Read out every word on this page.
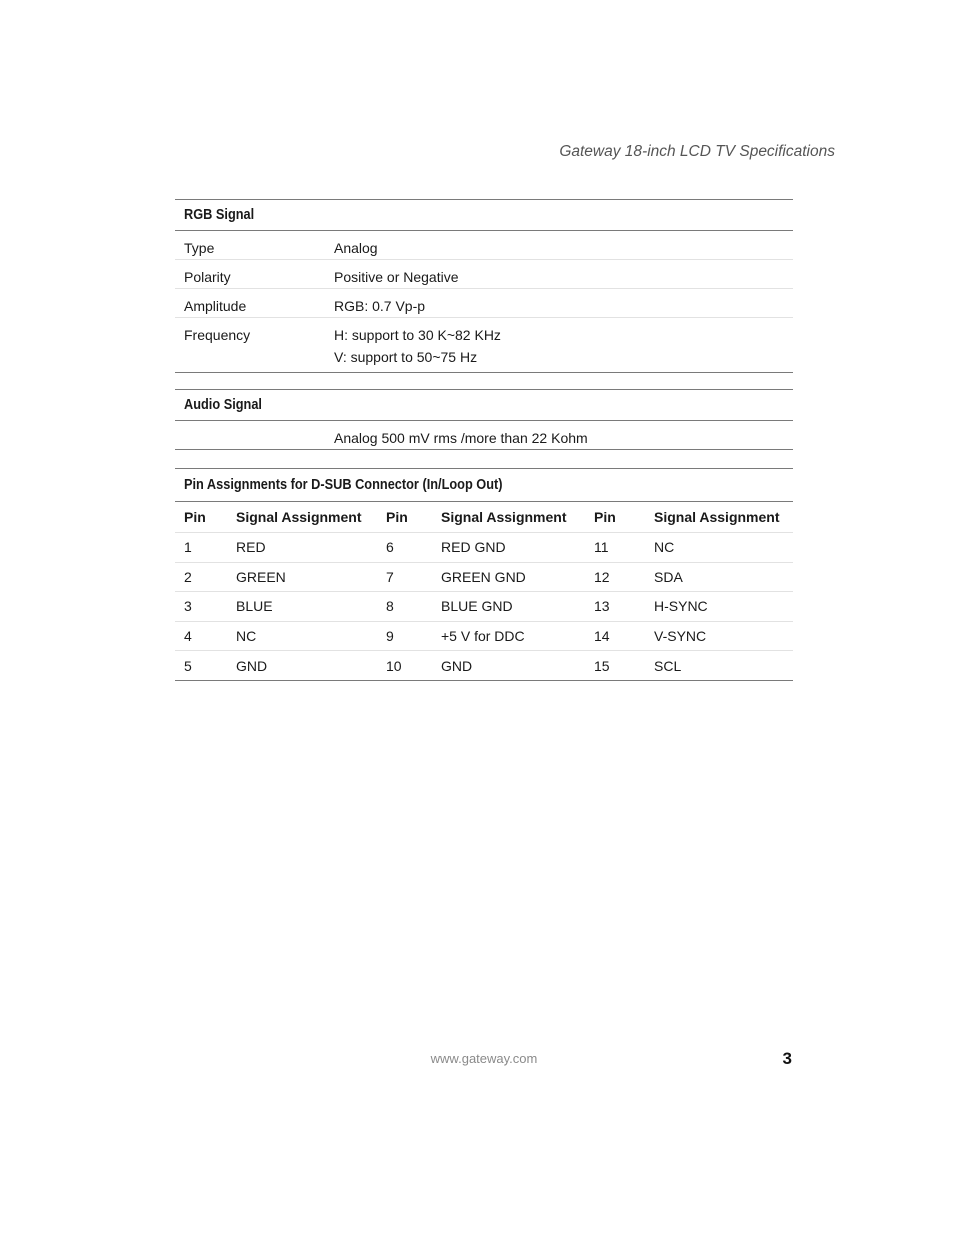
Gateway 18-inch LCD TV Specifications
RGB Signal
Type	Analog
Polarity	Positive or Negative
Amplitude	RGB: 0.7 Vp-p
Frequency	H: support to 30 K~82 KHz
V: support to 50~75 Hz
Audio Signal
Analog 500 mV rms /more than 22 Kohm
Pin Assignments for D-SUB Connector (In/Loop Out)
Pin	Signal Assignment	Pin	Signal Assignment	Pin	Signal Assignment
1	RED	6	RED GND	11	NC
2	GREEN	7	GREEN GND	12	SDA
3	BLUE	8	BLUE GND	13	H-SYNC
4	NC	9	+5 V for DDC	14	V-SYNC
5	GND	10	GND	15	SCL
www.gateway.com	3
